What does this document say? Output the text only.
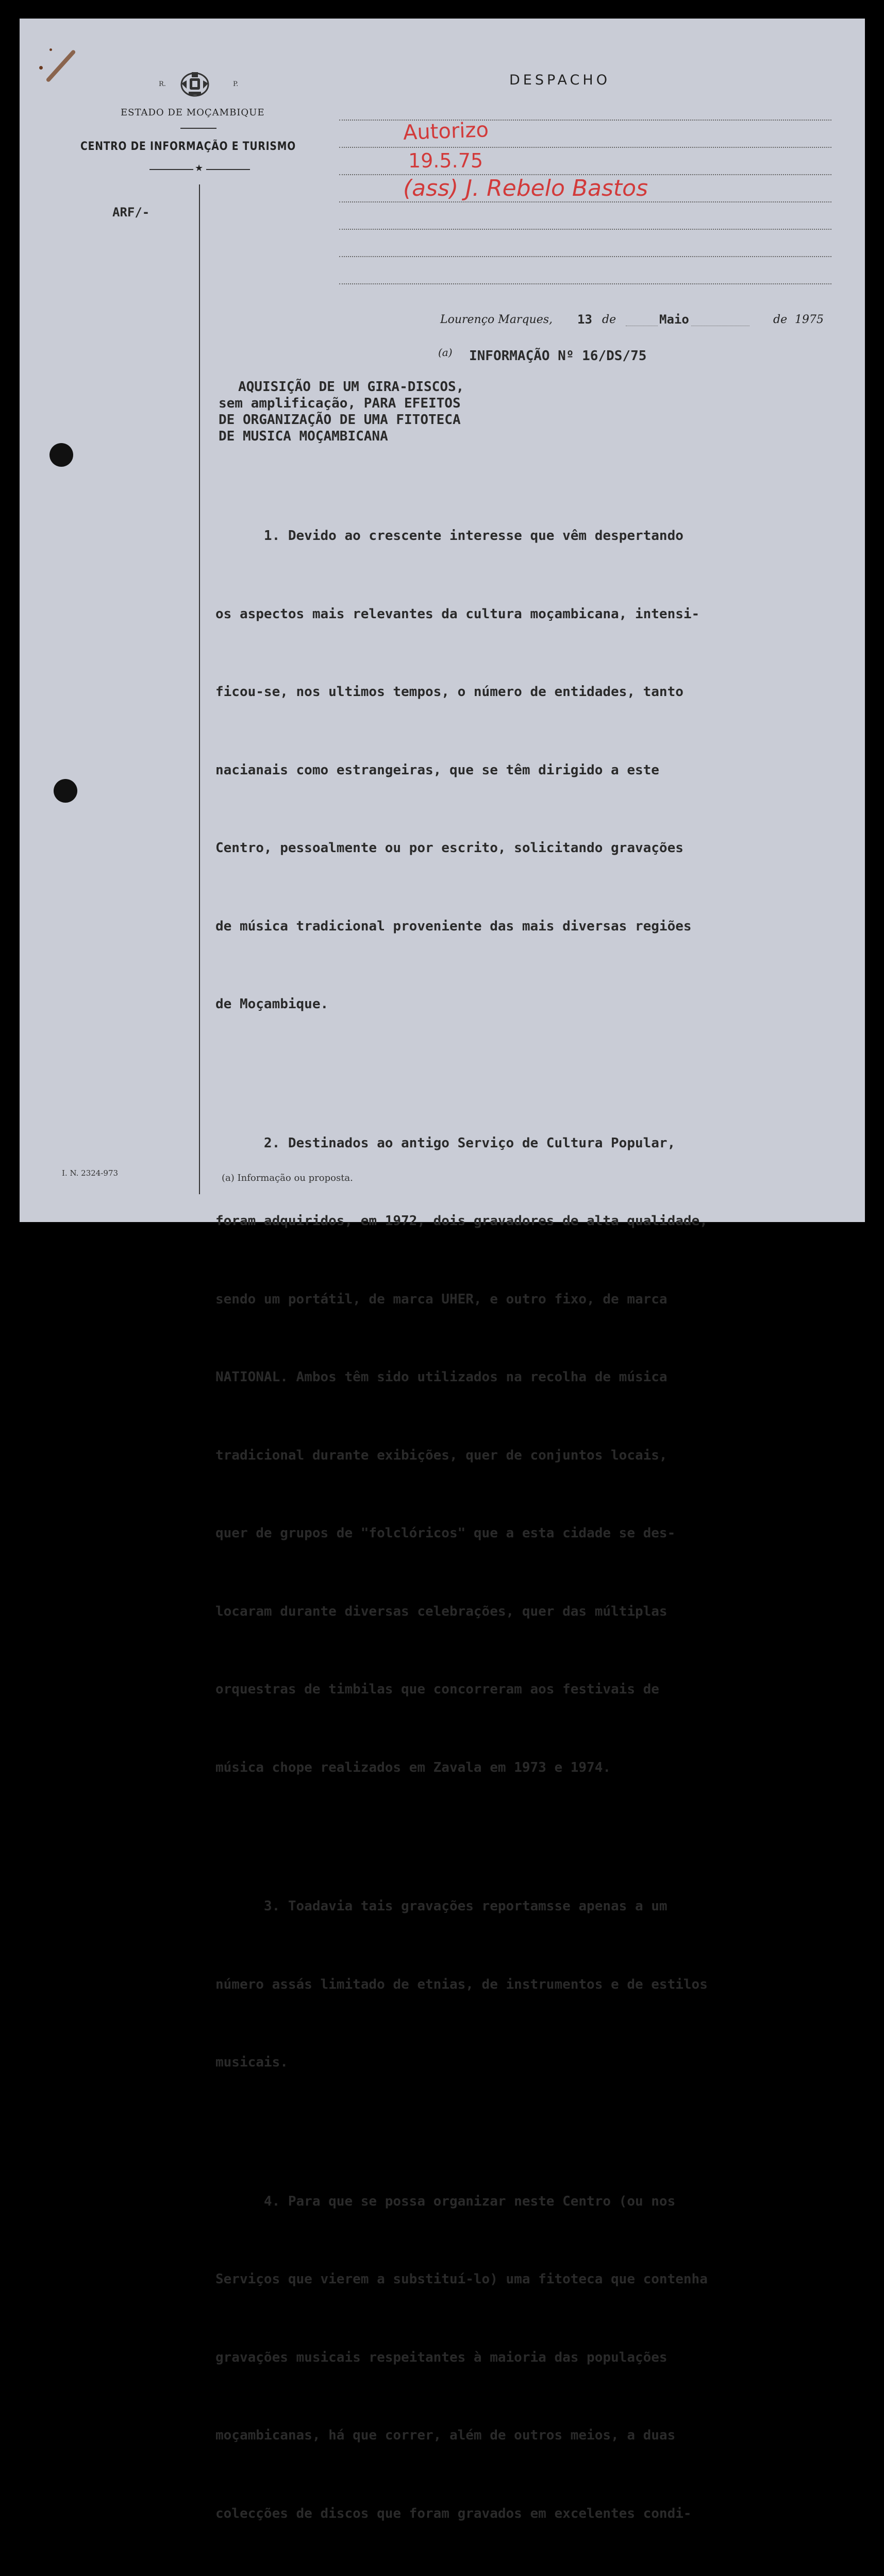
R.	P.
ESTADO DE MOÇAMBIQUE
CENTRO DE INFORMAÇÃO E TURISMO
★
ARF/-
DESPACHO
Autorizo
19.5.75
(ass) J. Rebelo Bastos
Lourenço Marques, 13 de	Maio	de 1975
(a) INFORMAÇÃO Nº 16/DS/75
AQUISIÇÃO DE UM GIRA-DISCOS,
sem amplificação, PARA EFEITOS
DE ORGANIZAÇÃO DE UMA FITOTECA
DE MUSICA MOÇAMBICANA

1. Devido ao crescente interesse que vêm despertando

os aspectos mais relevantes da cultura moçambicana, intensi-

ficou-se, nos ultimos tempos, o número de entidades, tanto

nacianais como estrangeiras, que se têm dirigido a este

Centro, pessoalmente ou por escrito, solicitando gravações

de música tradicional proveniente das mais diversas regiões

de Moçambique.

2. Destinados ao antigo Serviço de Cultura Popular,

foram adquiridos, em 1972, dois gravadores de alta qualidade,

sendo um portátil, de marca UHER, e outro fixo, de marca

NATIONAL. Ambos têm sido utilizados na recolha de música

tradicional durante exibições, quer de conjuntos locais,

quer de grupos de "folclóricos" que a esta cidade se des-

locaram durante diversas celebrações, quer das múltiplas

orquestras de timbilas que concorreram aos festivais de

música chope realizados em Zavala em 1973 e 1974.

3. Toadavia tais gravações reportamsse apenas a um

número assás limitado de etnias, de instrumentos e de estilos

musicais.

4. Para que se possa organizar neste Centro (ou nos

Serviços que vierem a substituí-lo) uma fitoteca que contenha

gravações musicais respeitantes à maioria das populações

moçambicanas, há que correr, além de outros meios, a duas

colecções de discos que foram gravados em excelentes condi-

I. N. 2324-973	(a) Informação ou proposta.
